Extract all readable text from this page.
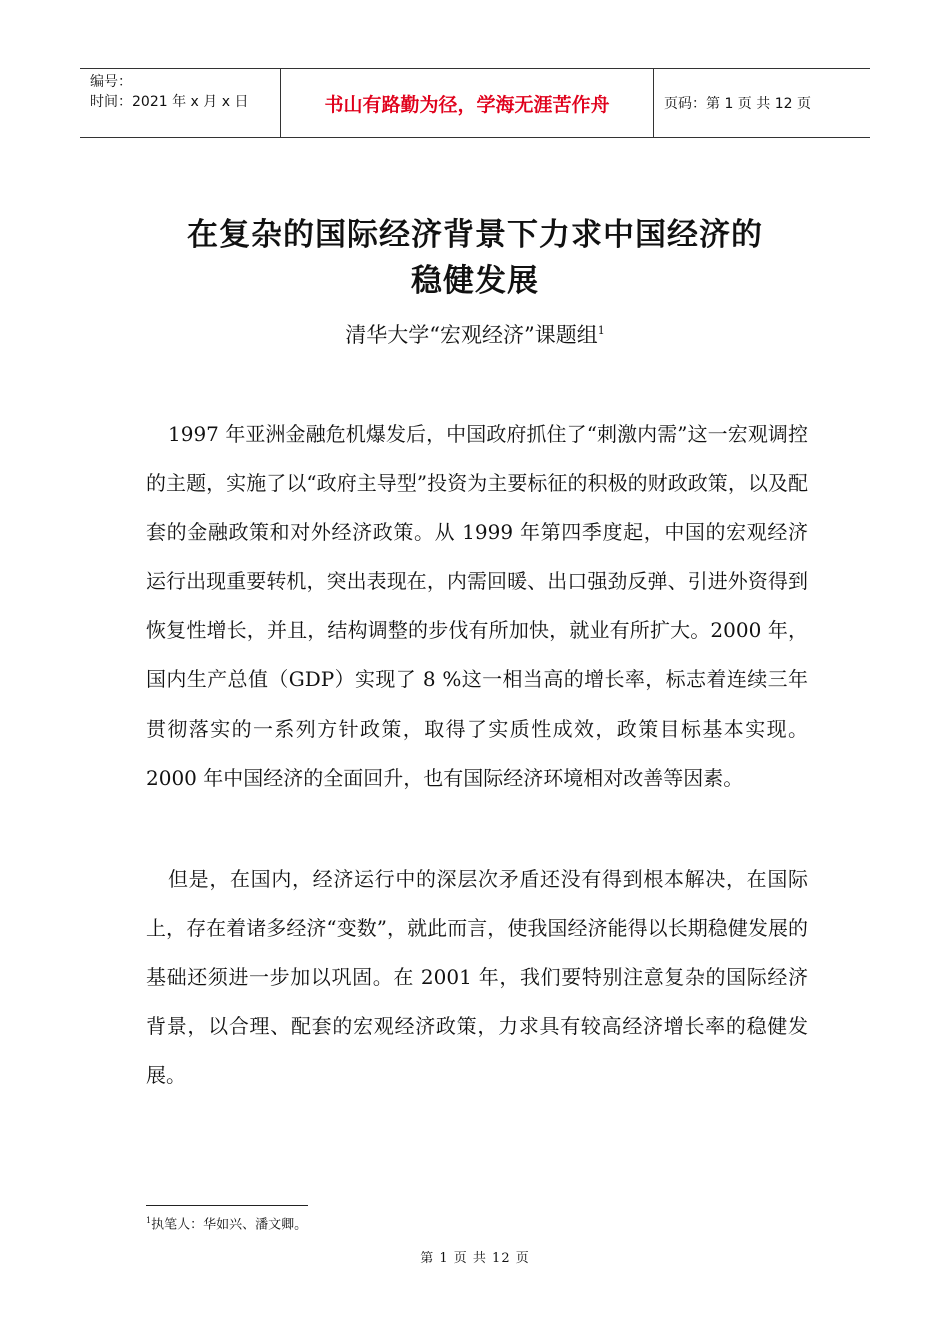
编号：
时间：2021 年 x 月 x 日	书山有路勤为径，学海无涯苦作舟	页码：第 1 页 共 12 页
在复杂的国际经济背景下力求中国经济的
稳健发展
清华大学“宏观经济”课题组$^1$

1997 年亚洲金融危机爆发后，中国政府抓住了“刺激内需”这一宏观调控的主题，实施了以“政府主导型”投资为主要标征的积极的财政政策，以及配套的金融政策和对外经济政策。从 1999 年第四季度起，中国的宏观经济运行出现重要转机，突出表现在，内需回暖、出口强劲反弹、引进外资得到恢复性增长，并且，结构调整的步伐有所加快，就业有所扩大。2000 年，国内生产总值（GDP）实现了 8 %这一相当高的增长率，标志着连续三年贯彻落实的一系列方针政策，取得了实质性成效，政策目标基本实现。2000 年中国经济的全面回升，也有国际经济环境相对改善等因素。

但是，在国内，经济运行中的深层次矛盾还没有得到根本解决，在国际上，存在着诸多经济“变数”，就此而言，使我国经济能得以长期稳健发展的基础还须进一步加以巩固。在 2001 年，我们要特别注意复杂的国际经济背景，以合理、配套的宏观经济政策，力求具有较高经济增长率的稳健发展。

$^1$执笔人：华如兴、潘文卿。
第 1 页 共 12 页
